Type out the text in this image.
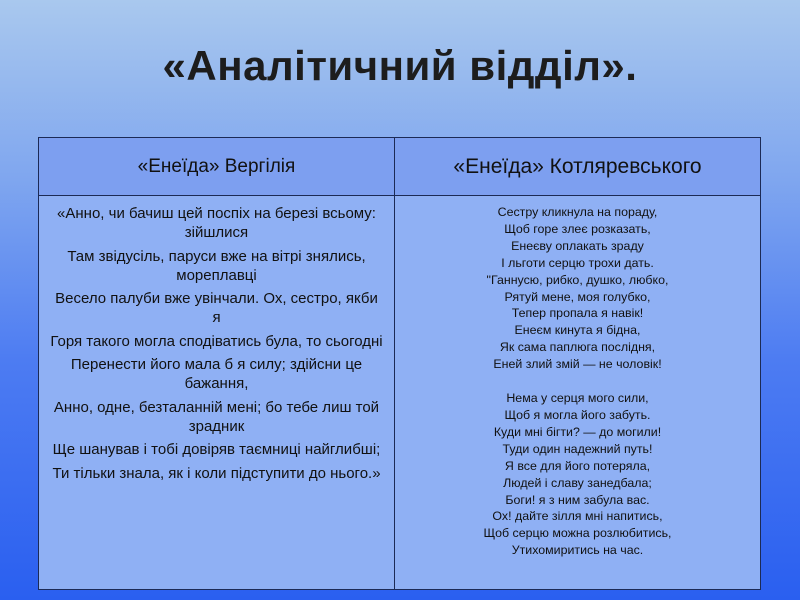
«Аналітичний відділ».
«Енеїда» Вергілія	«Енеїда» Котляревського

«Анно, чи бачиш цей поспіх на березі всьому: зійшлися

Там звідусіль, паруси вже на вітрі знялись, мореплавці

Весело палуби вже увінчали. Ох, сестро, якби я

Горя такого могла сподіватись була, то сьогодні

Перенести його мала б я силу; здійсни це бажання,

Анно, одне, безталанній мені; бо тебе лиш той зрадник

Ще шанував і тобі довіряв таємниці найглибші;

Ти тільки знала, як і коли підступити до нього.»

Сестру кликнула на пораду,

Щоб горе злеє розказать,

Енеєву оплакать зраду

І льготи серцю трохи дать.

"Ганнусю, рибко, душко, любко,

Рятуй мене, моя голубко,

Тепер пропала я навік!

Енеєм кинута я бідна,

Як сама паплюга послідня,

Еней злий змій — не чоловік!

Нема у серця мого сили,

Щоб я могла його забуть.

Куди мні бігти? — до могили!

Туди один надежний путь!

Я все для його потеряла,

Людей і славу занедбала;

Боги! я з ним забула вас.

Ох! дайте зілля мні напитись,

Щоб серцю можна розлюбитись,

Утихомиритись на час.
